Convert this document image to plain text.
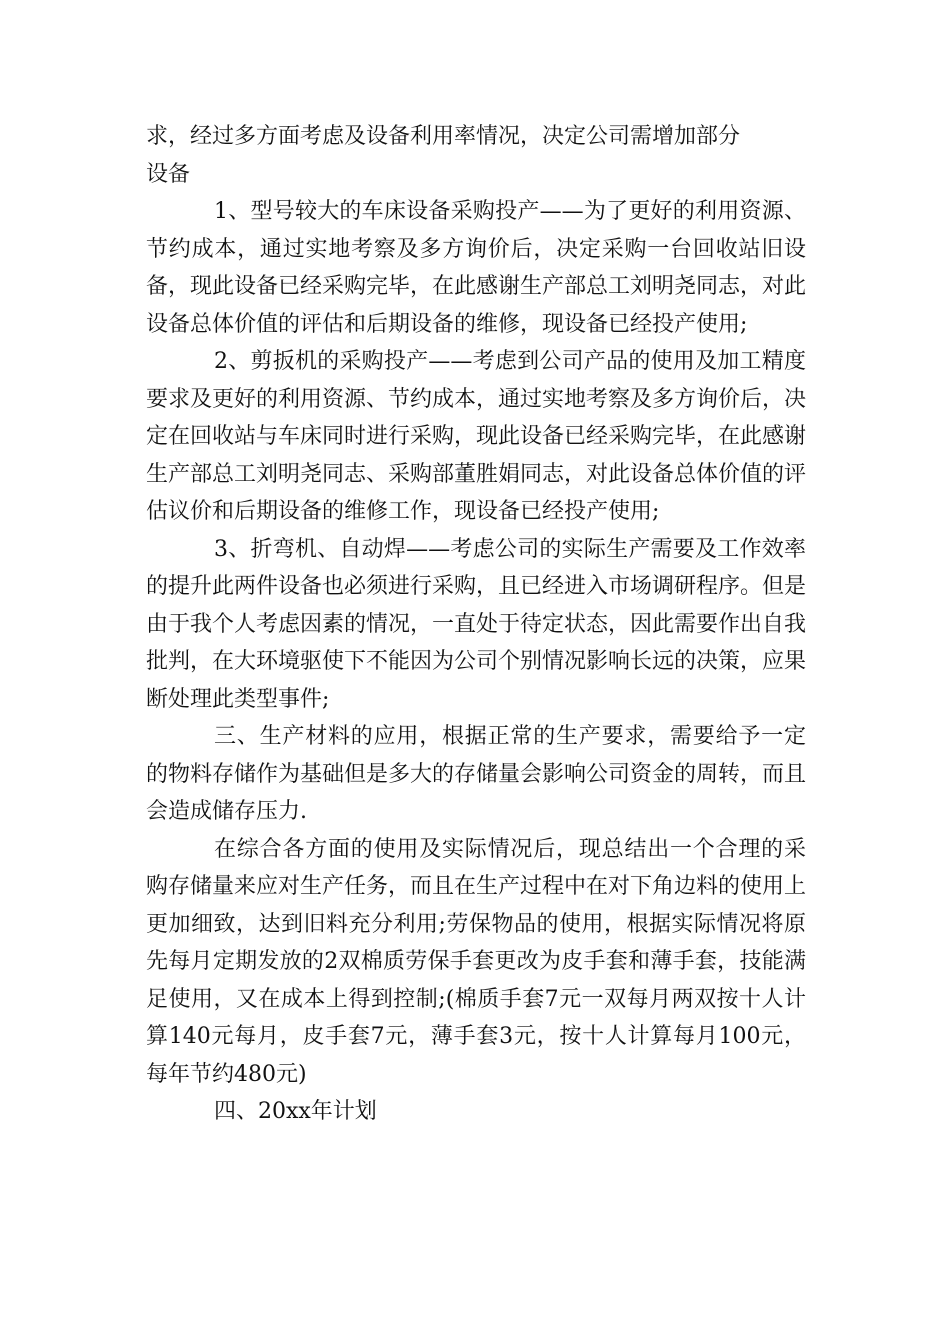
求，经过多方面考虑及设备利用率情况，决定公司需增加部分
设备

1、型号较大的车床设备采购投产——为了更好的利用资源、节约成本，通过实地考察及多方询价后，决定采购一台回收站旧设备，现此设备已经采购完毕，在此感谢生产部总工刘明尧同志，对此设备总体价值的评估和后期设备的维修，现设备已经投产使用;

2、剪扳机的采购投产——考虑到公司产品的使用及加工精度要求及更好的利用资源、节约成本，通过实地考察及多方询价后，决定在回收站与车床同时进行采购，现此设备已经采购完毕，在此感谢生产部总工刘明尧同志、采购部董胜娟同志，对此设备总体价值的评估议价和后期设备的维修工作，现设备已经投产使用;

3、折弯机、自动焊——考虑公司的实际生产需要及工作效率的提升此两件设备也必须进行采购，且已经进入市场调研程序。但是由于我个人考虑因素的情况，一直处于待定状态，因此需要作出自我批判，在大环境驱使下不能因为公司个别情况影响长远的决策，应果断处理此类型事件;

三、生产材料的应用，根据正常的生产要求，需要给予一定的物料存储作为基础但是多大的存储量会影响公司资金的周转，而且会造成储存压力.

在综合各方面的使用及实际情况后，现总结出一个合理的采购存储量来应对生产任务，而且在生产过程中在对下角边料的使用上更加细致，达到旧料充分利用;劳保物品的使用，根据实际情况将原先每月定期发放的2双棉质劳保手套更改为皮手套和薄手套，技能满足使用，又在成本上得到控制;(棉质手套7元一双每月两双按十人计算140元每月，皮手套7元，薄手套3元，按十人计算每月100元，每年节约480元)

四、20xx年计划
